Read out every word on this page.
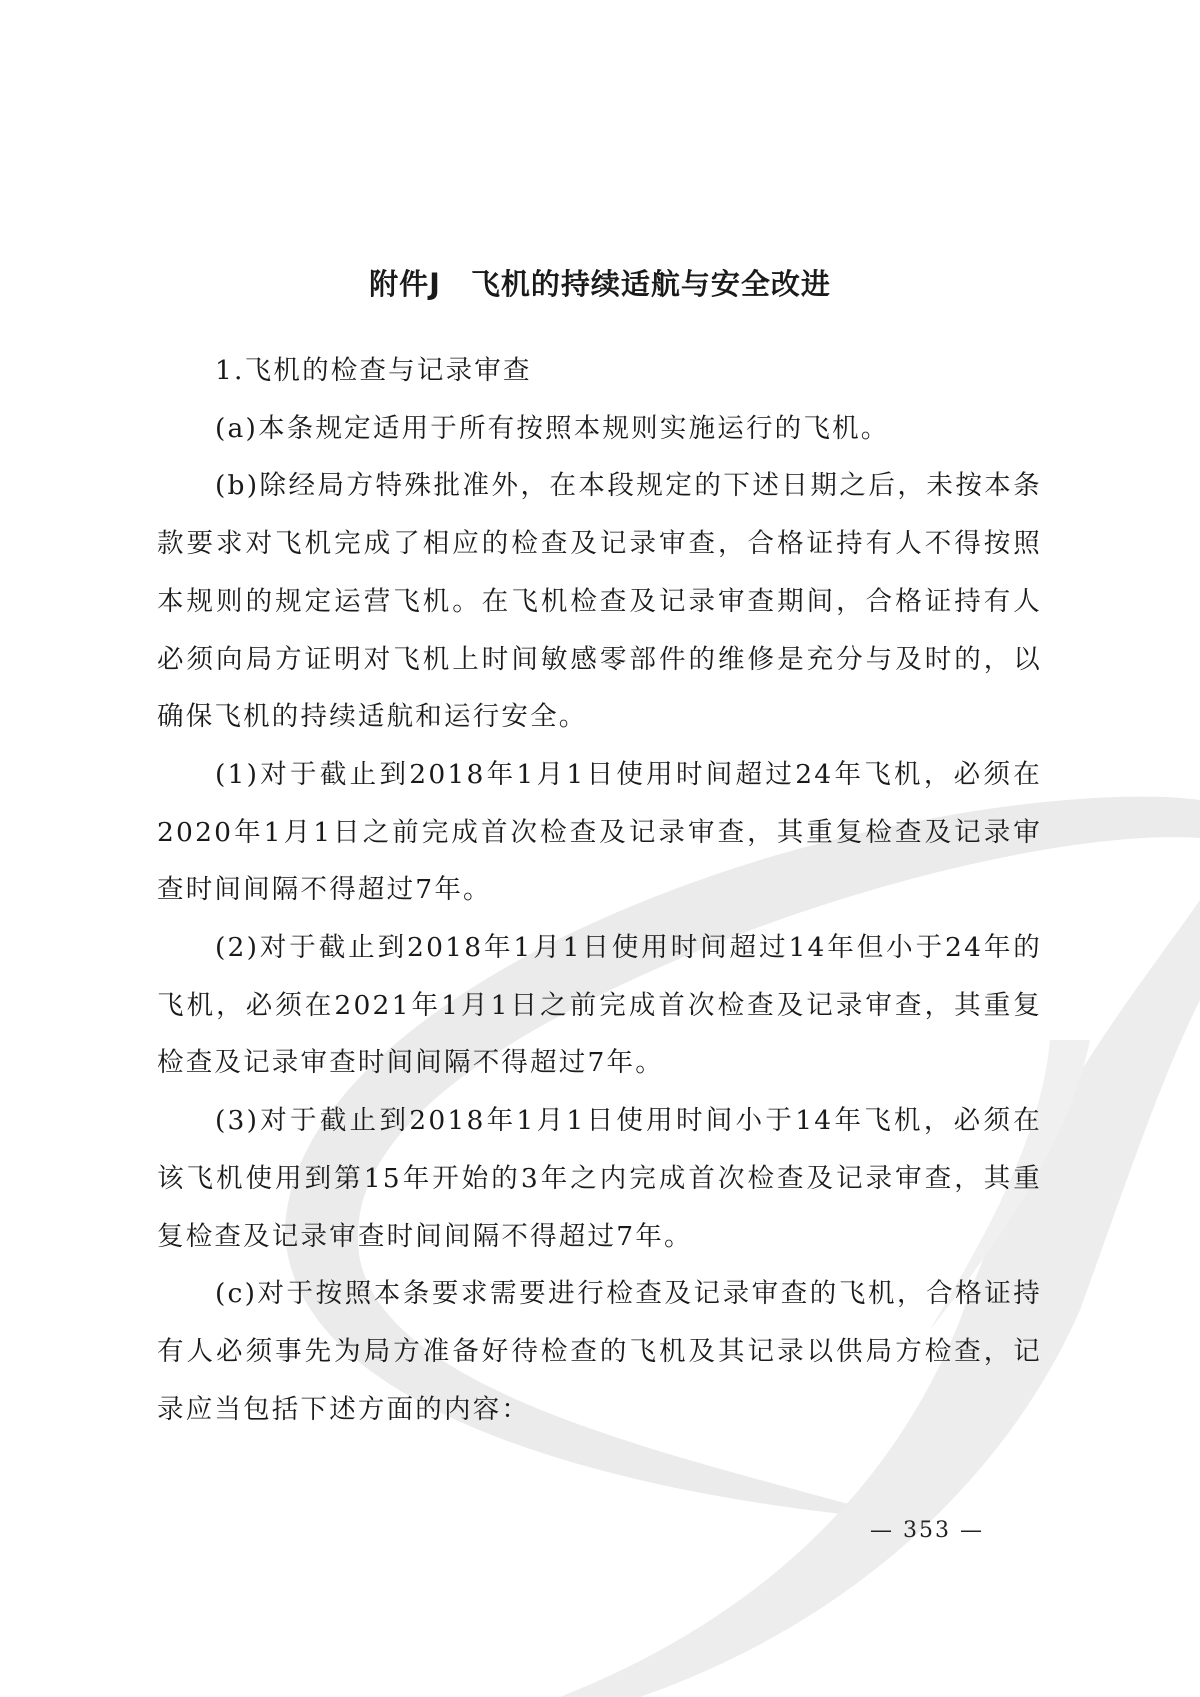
附件J 飞机的持续适航与安全改进

1.飞机的检查与记录审查

(a)本条规定适用于所有按照本规则实施运行的飞机。

(b)除经局方特殊批准外，在本段规定的下述日期之后，未按本条款要求对飞机完成了相应的检查及记录审查，合格证持有人不得按照本规则的规定运营飞机。在飞机检查及记录审查期间，合格证持有人必须向局方证明对飞机上时间敏感零部件的维修是充分与及时的，以确保飞机的持续适航和运行安全。

(1)对于截止到2018年1月1日使用时间超过24年飞机，必须在2020年1月1日之前完成首次检查及记录审查，其重复检查及记录审查时间间隔不得超过7年。

(2)对于截止到2018年1月1日使用时间超过14年但小于24年的飞机，必须在2021年1月1日之前完成首次检查及记录审查，其重复检查及记录审查时间间隔不得超过7年。

(3)对于截止到2018年1月1日使用时间小于14年飞机，必须在该飞机使用到第15年开始的3年之内完成首次检查及记录审查，其重复检查及记录审查时间间隔不得超过7年。

(c)对于按照本条要求需要进行检查及记录审查的飞机，合格证持有人必须事先为局方准备好待检查的飞机及其记录以供局方检查，记录应当包括下述方面的内容：

— 353 —
